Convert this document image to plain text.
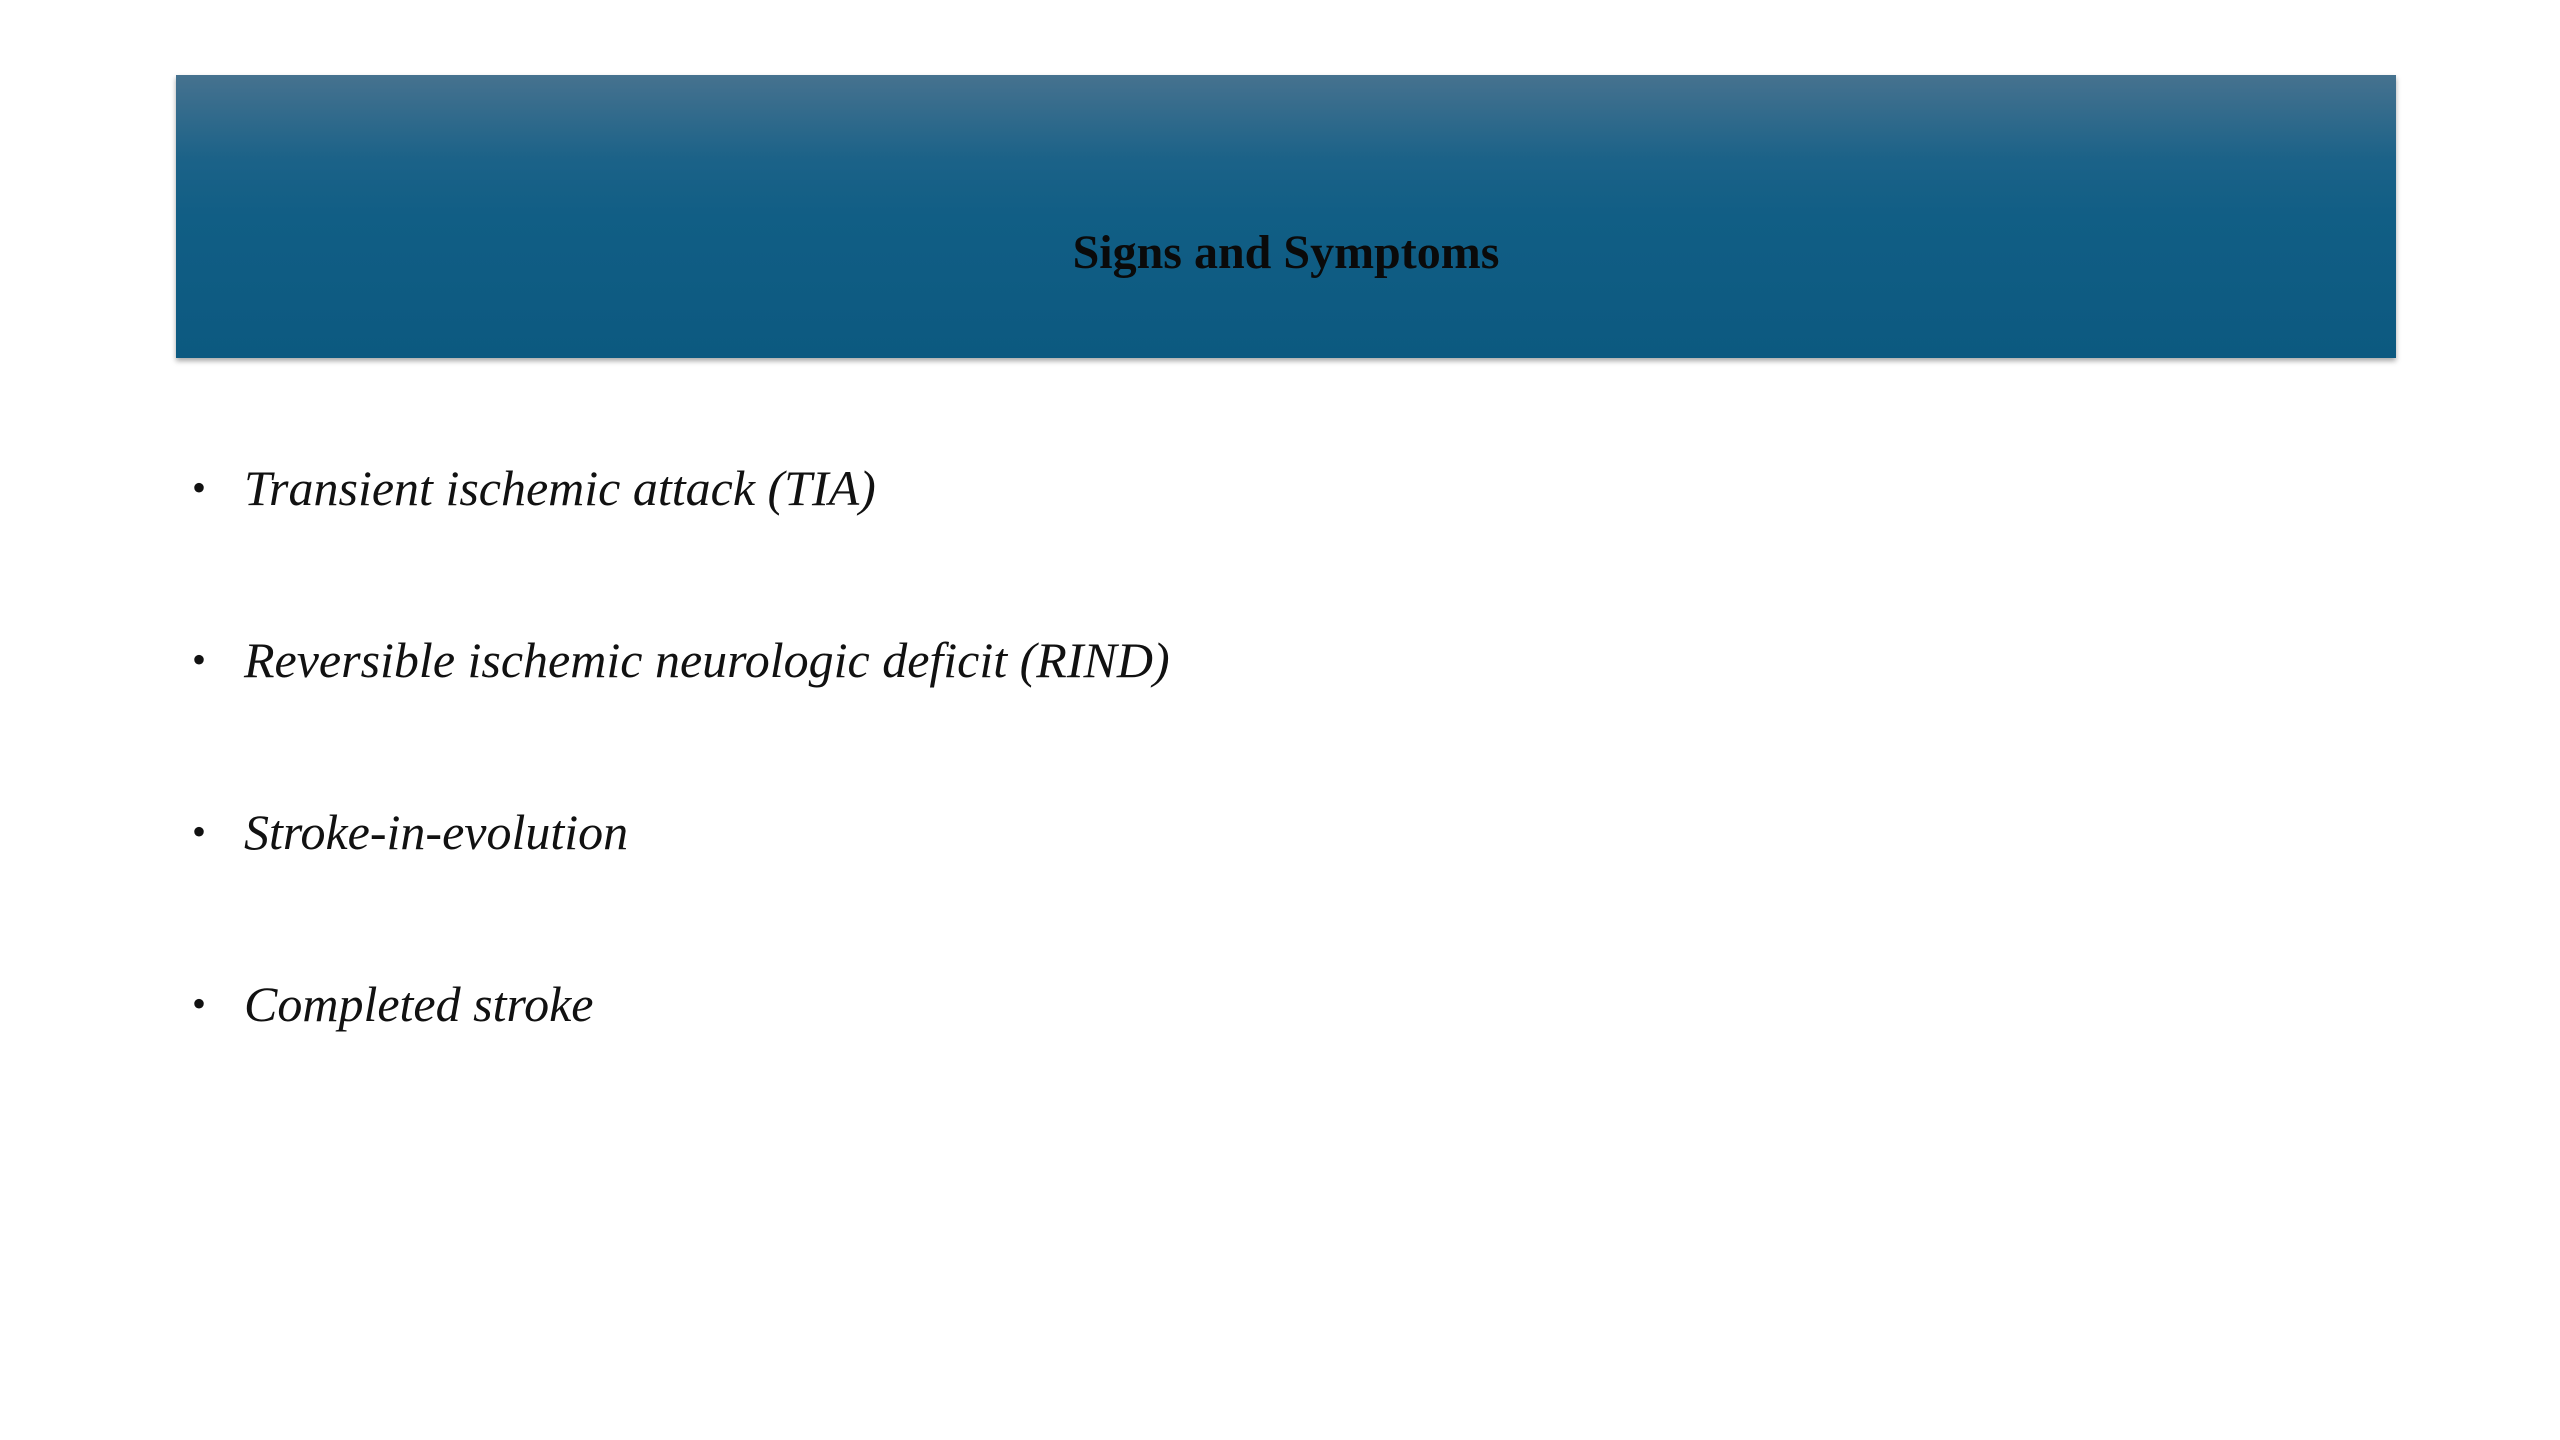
Signs and Symptoms
• Transient ischemic attack (TIA)
• Reversible ischemic neurologic deficit (RIND)
• Stroke-in-evolution
• Completed stroke
